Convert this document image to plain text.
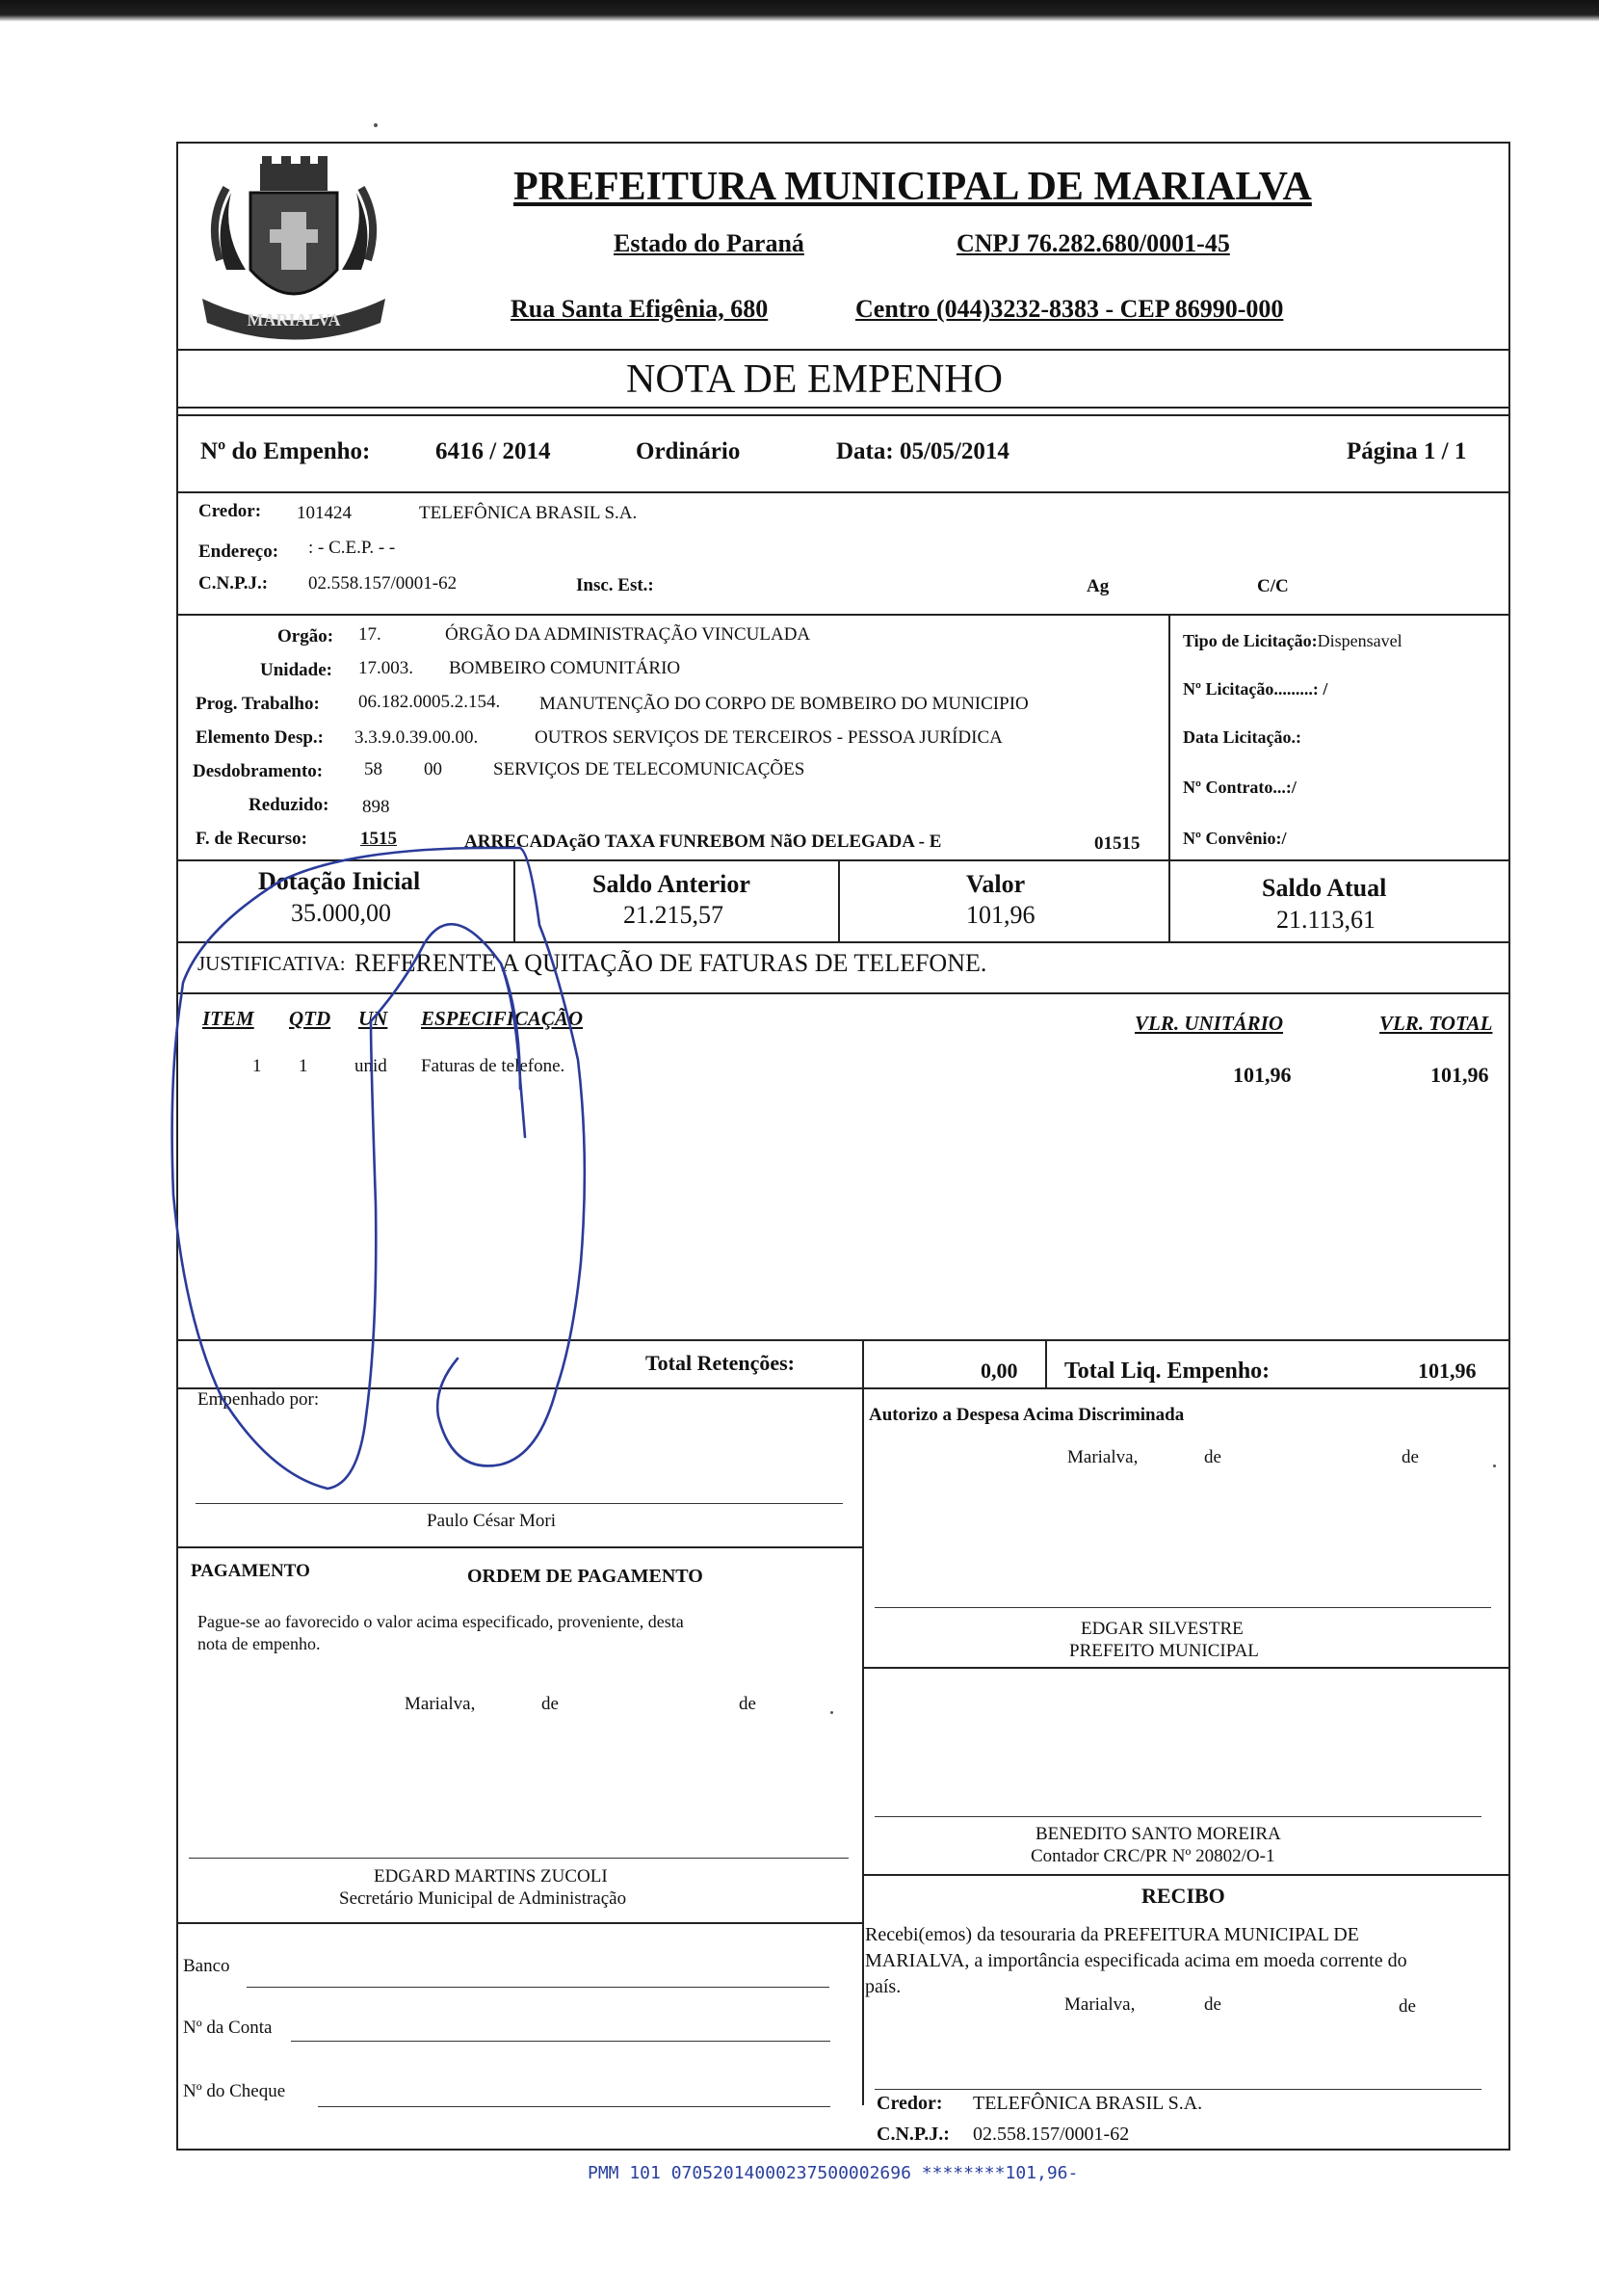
MARIALVA
PREFEITURA MUNICIPAL DE MARIALVA
Estado do Paraná	CNPJ 76.282.680/0001-45
Rua Santa Efigênia, 680	Centro (044)3232-8383 - CEP 86990-000
NOTA DE EMPENHO
Nº do Empenho:	6416 / 2014	Ordinário	Data: 05/05/2014	Página 1 / 1
Credor: 101424	TELEFÔNICA BRASIL S.A.
Endereço: : - C.E.P. - -
C.N.P.J.: 02.558.157/0001-62	Insc. Est.:	Ag	C/C
Orgão: 17.	ÓRGÃO DA ADMINISTRAÇÃO VINCULADA
Unidade: 17.003. BOMBEIRO COMUNITÁRIO
Prog. Trabalho: 06.182.0005.2.154. MANUTENÇÃO DO CORPO DE BOMBEIRO DO MUNICIPIO
Elemento Desp.: 3.3.9.0.39.00.00.	OUTROS SERVIÇOS DE TERCEIROS - PESSOA JURÍDICA
Desdobramento: 58 00	SERVIÇOS DE TELECOMUNICAÇÕES
Reduzido: 898
F. de Recurso:	1515	ARRECADAçãO TAXA FUNREBOM NãO DELEGADA - E	01515
Tipo de Licitação:Dispensavel
Nº Licitação.........: /
Data Licitação.:
Nº Contrato...:/
Nº Convênio:/
Dotação Inicial
35.000,00
Saldo Anterior
21.215,57
Valor
101,96
Saldo Atual
21.113,61
JUSTIFICATIVA: REFERENTE A QUITAÇÃO DE FATURAS DE TELEFONE.
ITEM QTD UN ESPECIFICAÇÃO	VLR. UNITÁRIO	VLR. TOTAL
1 1	unid Faturas de telefone.	101,96	101,96
Total Retenções:	0,00 Total Liq. Empenho:	101,96
Empenhado por:
Paulo César Mori
Autorizo a Despesa Acima Discriminada
Marialva,	de	de
PAGAMENTO	ORDEM DE PAGAMENTO
Pague-se ao favorecido o valor acima especificado, proveniente, desta
nota de empenho.
Marialva,	de	de
EDGAR SILVESTRE
PREFEITO MUNICIPAL
BENEDITO SANTO MOREIRA
Contador CRC/PR Nº 20802/O-1
EDGARD MARTINS ZUCOLI
Secretário Municipal de Administração
Banco
Nº da Conta
Nº do Cheque
RECIBO
Recebi(emos) da tesouraria da PREFEITURA MUNICIPAL DE
MARIALVA, a importância especificada acima em moeda corrente do
país.
Marialva,	de	de
Credor: TELEFÔNICA BRASIL S.A.
C.N.P.J.: 02.558.157/0001-62
PMM 101 07052014000237500002696 ********101,96-
